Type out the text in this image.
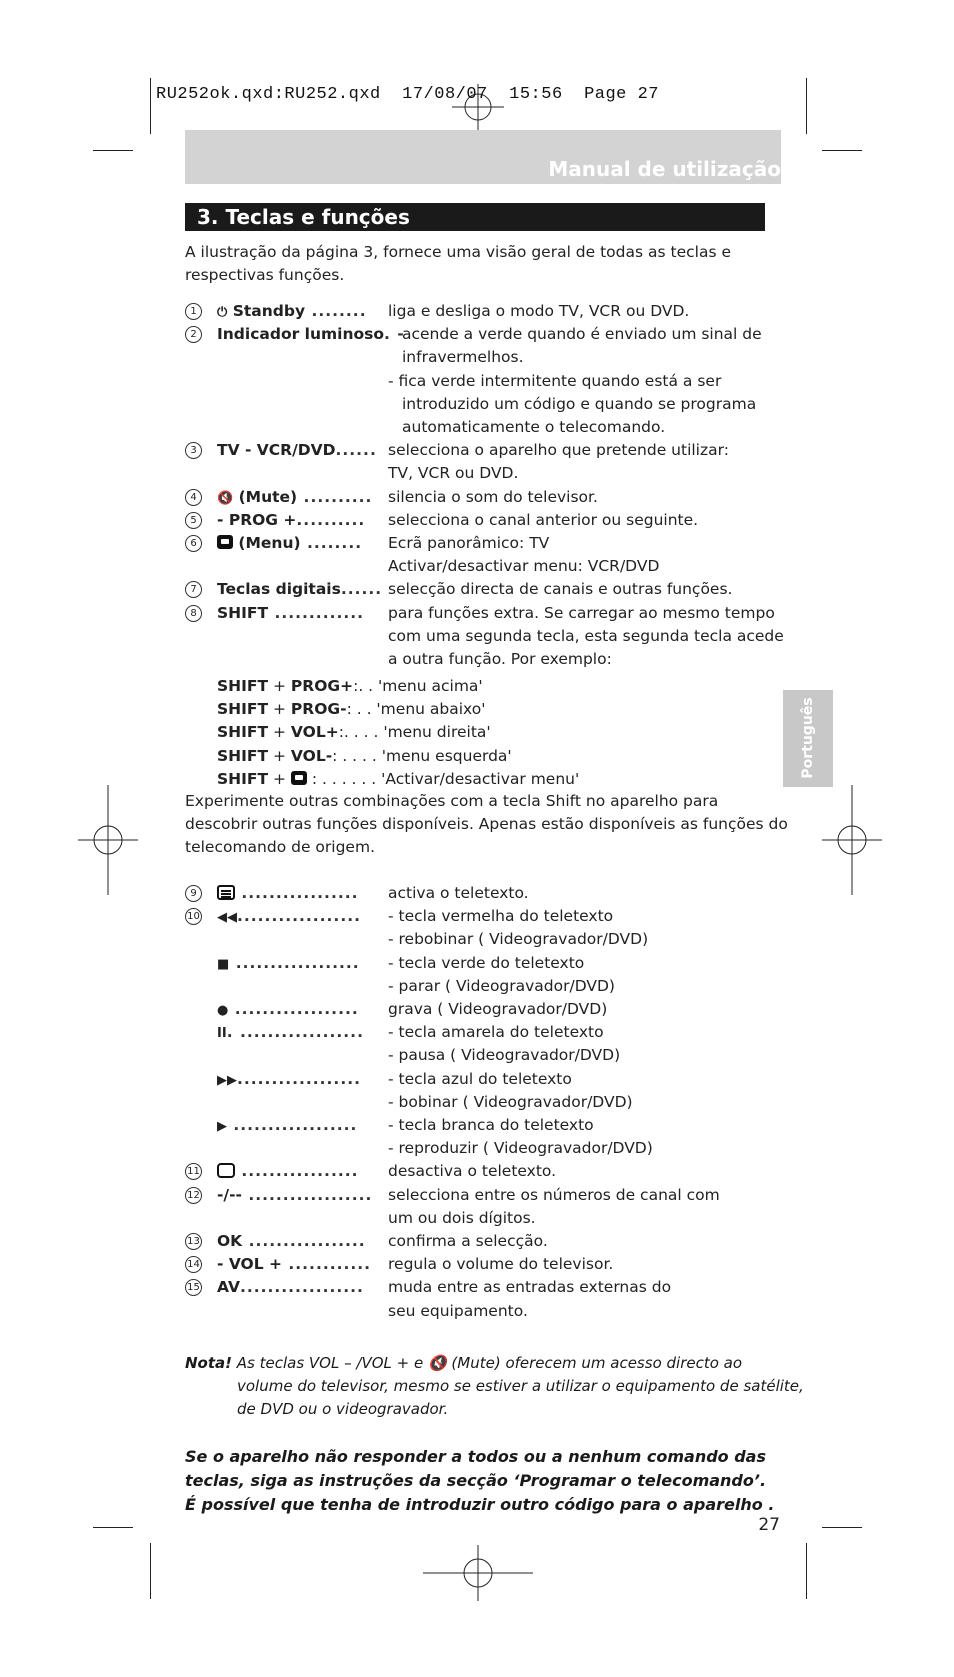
RU252ok.qxd:RU252.qxd  17/08/07  15:56  Page 27
Manual de utilização
3. Teclas e funções
Português
A ilustração da página 3, fornece uma visão geral de todas as teclas e
respectivas funções.
1	⏻ Standby ........ liga e desliga o modo TV, VCR ou DVD.
2	Indicador luminoso. -
acende a verde quando é enviado um sinal de
infravermelhos.
- fica verde intermitente quando está a ser
introduzido um código e quando se programa
automaticamente o telecomando.
3	TV - VCR/DVD...... selecciona o aparelho que pretende utilizar:
TV, VCR ou DVD.
4	🔇 (Mute) .......... silencia o som do televisor.
5	- PROG +.......... selecciona o canal anterior ou seguinte.
6	(Menu) ........ Ecrã panorâmico: TV
Activar/desactivar menu: VCR/DVD
7	Teclas digitais...... selecção directa de canais e outras funções.
8	SHIFT ............. para funções extra. Se carregar ao mesmo tempo
com uma segunda tecla, esta segunda tecla acede
a outra função. Por exemplo:
SHIFT + PROG+:. . 'menu acima'
SHIFT + PROG-: . . 'menu abaixo'
SHIFT + VOL+:. . . . 'menu direita'
SHIFT + VOL-: . . . . 'menu esquerda'
SHIFT +  : . . . . . . 'Activar/desactivar menu'
Experimente outras combinações com a tecla Shift no aparelho para
descobrir outras funções disponíveis. Apenas estão disponíveis as funções do
telecomando de origem.
9	................. activa o teletexto.
10 ◀◀.................. - tecla vermelha do teletexto
- rebobinar ( Videogravador/DVD)
■ .................. - tecla verde do teletexto
- parar ( Videogravador/DVD)
● .................. grava ( Videogravador/DVD)
II. .................. - tecla amarela do teletexto
- pausa ( Videogravador/DVD)
▶▶.................. - tecla azul do teletexto
- bobinar ( Videogravador/DVD)
▶ .................. - tecla branca do teletexto
- reproduzir ( Videogravador/DVD)
11	................. desactiva o teletexto.
12 -/-- .................. selecciona entre os números de canal com
um ou dois dígitos.
13 OK ................. confirma a selecção.
14 - VOL + ............ regula o volume do televisor.
15 AV.................. muda entre as entradas externas do
seu equipamento.
Nota! As teclas VOL – /VOL + e 🔇 (Mute) oferecem um acesso directo ao
volume do televisor, mesmo se estiver a utilizar o equipamento de satélite,
de DVD ou o videogravador.
Se o aparelho não responder a todos ou a nenhum comando das
teclas, siga as instruções da secção ‘Programar o telecomando’.
É possível que tenha de introduzir outro código para o aparelho .
27
